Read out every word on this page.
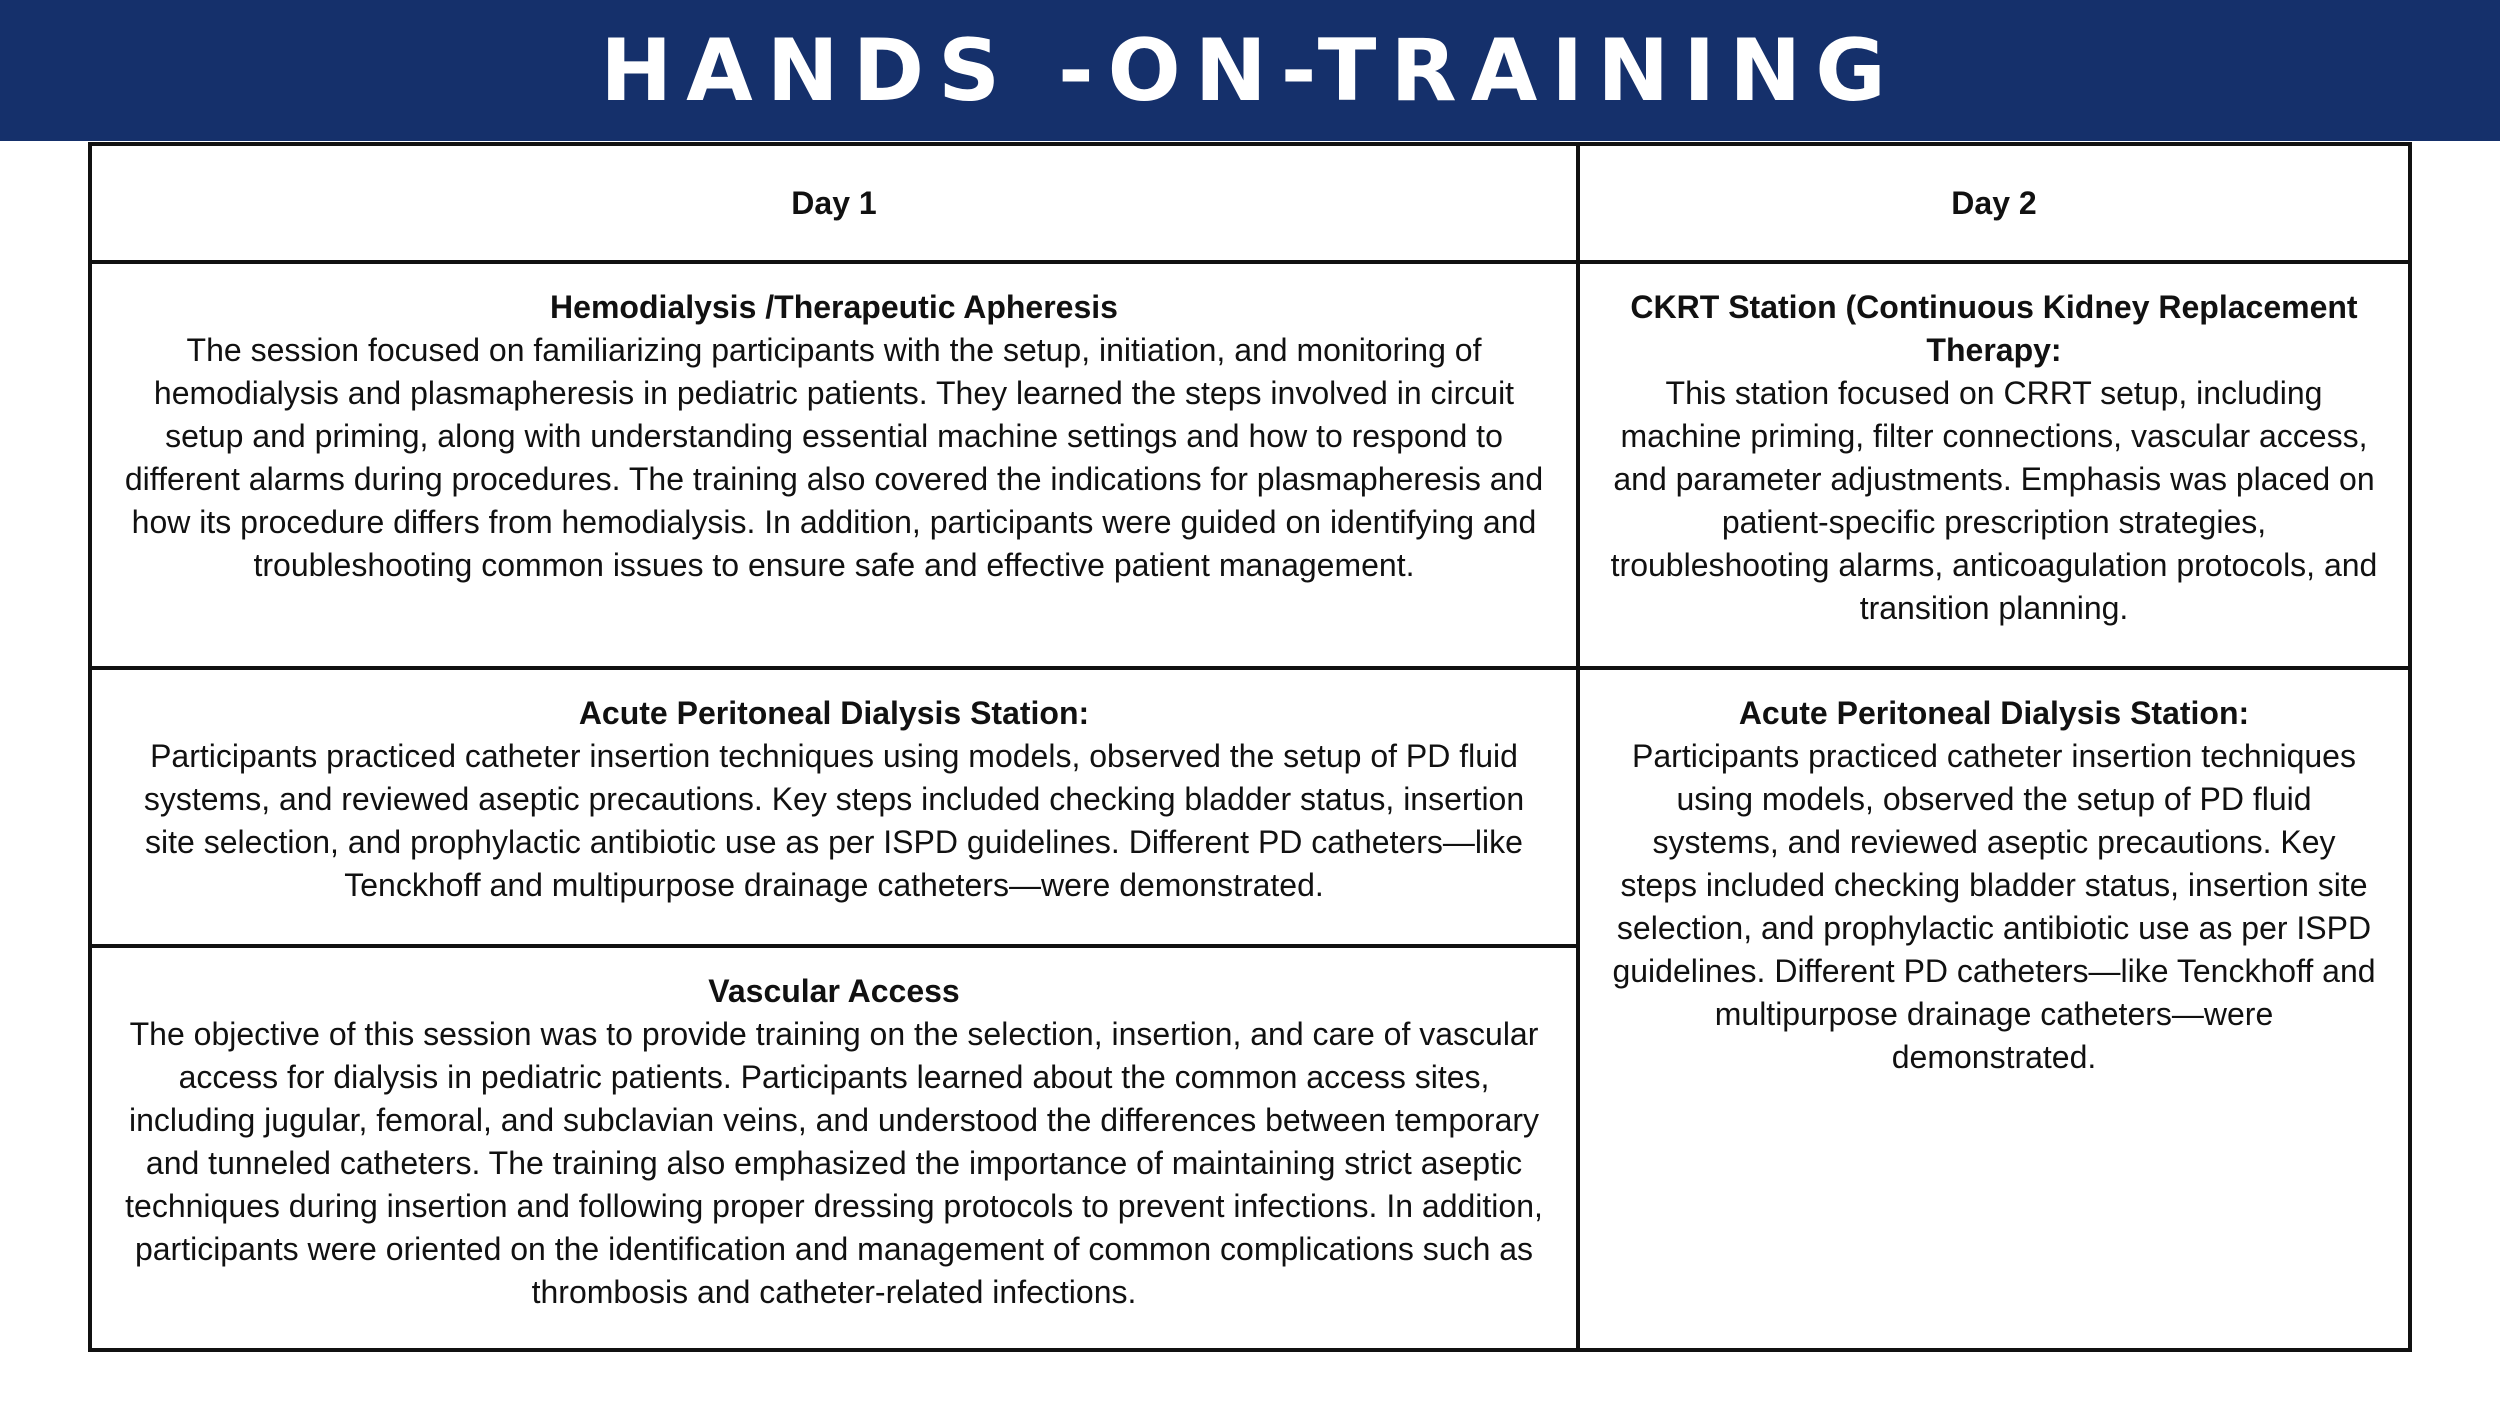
HANDS -ON-TRAINING
Day 1	Day 2
Hemodialysis /Therapeutic Apheresis
The session focused on familiarizing participants with the setup, initiation, and monitoring of hemodialysis and plasmapheresis in pediatric patients. They learned the steps involved in circuit setup and priming, along with understanding essential machine settings and how to respond to different alarms during procedures. The training also covered the indications for plasmapheresis and how its procedure differs from hemodialysis. In addition, participants were guided on identifying and troubleshooting common issues to ensure safe and effective patient management.
CKRT Station (Continuous Kidney Replacement Therapy:
This station focused on CRRT setup, including machine priming, filter connections, vascular access, and parameter adjustments. Emphasis was placed on patient-specific prescription strategies, troubleshooting alarms, anticoagulation protocols, and transition planning.
Acute Peritoneal Dialysis Station:
Participants practiced catheter insertion techniques using models, observed the setup of PD fluid systems, and reviewed aseptic precautions. Key steps included checking bladder status, insertion site selection, and prophylactic antibiotic use as per ISPD guidelines. Different PD catheters—like Tenckhoff and multipurpose drainage catheters—were demonstrated.
Vascular Access
The objective of this session was to provide training on the selection, insertion, and care of vascular access for dialysis in pediatric patients. Participants learned about the common access sites, including jugular, femoral, and subclavian veins, and understood the differences between temporary and tunneled catheters. The training also emphasized the importance of maintaining strict aseptic techniques during insertion and following proper dressing protocols to prevent infections. In addition, participants were oriented on the identification and management of common complications such as thrombosis and catheter-related infections.
Acute Peritoneal Dialysis Station:
Participants practiced catheter insertion techniques using models, observed the setup of PD fluid systems, and reviewed aseptic precautions. Key steps included checking bladder status, insertion site selection, and prophylactic antibiotic use as per ISPD guidelines. Different PD catheters—like Tenckhoff and multipurpose drainage catheters—were demonstrated.
